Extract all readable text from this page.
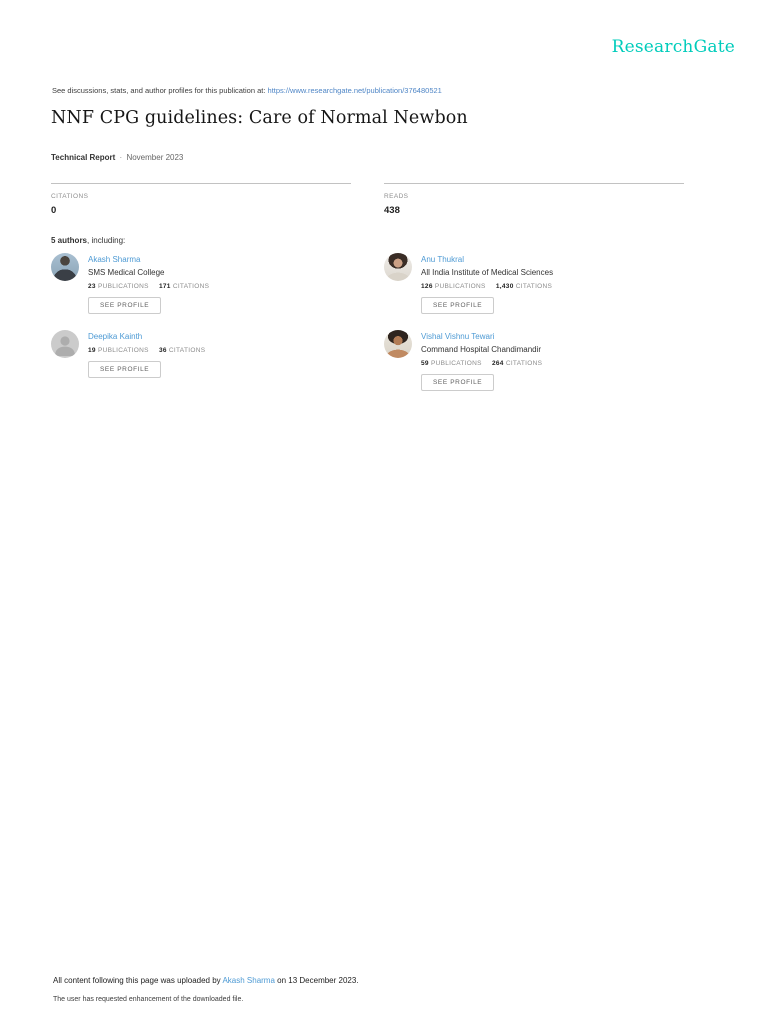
ResearchGate
See discussions, stats, and author profiles for this publication at: https://www.researchgate.net/publication/376480521
NNF CPG guidelines: Care of Normal Newbon
Technical Report · November 2023
CITATIONS
0
READS
438
5 authors, including:
Akash Sharma
SMS Medical College
23 PUBLICATIONS 171 CITATIONS
SEE PROFILE
Anu Thukral
All India Institute of Medical Sciences
126 PUBLICATIONS 1,430 CITATIONS
SEE PROFILE
Deepika Kainth
19 PUBLICATIONS 36 CITATIONS
SEE PROFILE
Vishal Vishnu Tewari
Command Hospital Chandimandir
59 PUBLICATIONS 264 CITATIONS
SEE PROFILE
All content following this page was uploaded by Akash Sharma on 13 December 2023.
The user has requested enhancement of the downloaded file.
